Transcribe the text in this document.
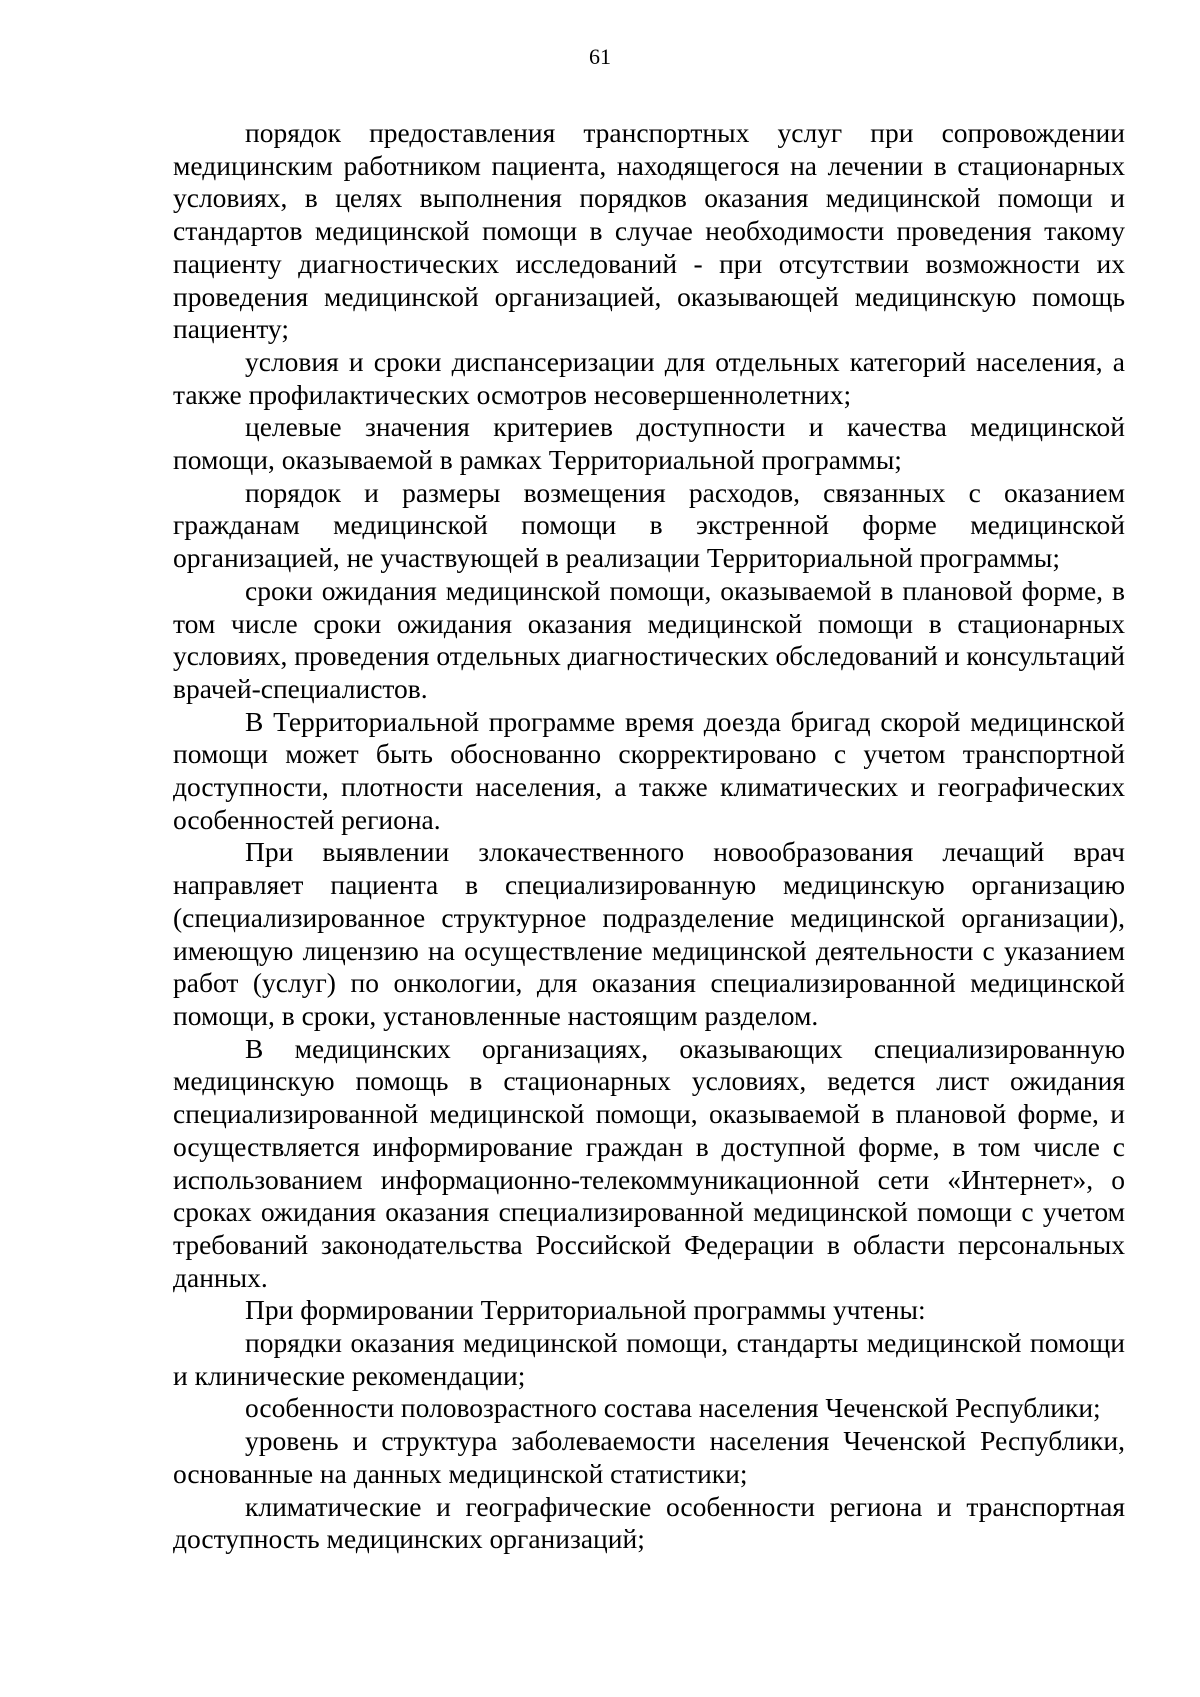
61

порядок предоставления транспортных услуг при сопровождении медицинским работником пациента, находящегося на лечении в стационарных условиях, в целях выполнения порядков оказания медицинской помощи и стандартов медицинской помощи в случае необходимости проведения такому пациенту диагностических исследований - при отсутствии возможности их проведения медицинской организацией, оказывающей медицинскую помощь пациенту;

условия и сроки диспансеризации для отдельных категорий населения, а также профилактических осмотров несовершеннолетних;

целевые значения критериев доступности и качества медицинской помощи, оказываемой в рамках Территориальной программы;

порядок и размеры возмещения расходов, связанных с оказанием гражданам медицинской помощи в экстренной форме медицинской организацией, не участвующей в реализации Территориальной программы;

сроки ожидания медицинской помощи, оказываемой в плановой форме, в том числе сроки ожидания оказания медицинской помощи в стационарных условиях, проведения отдельных диагностических обследований и консультаций врачей-специалистов.

В Территориальной программе время доезда бригад скорой медицинской помощи может быть обоснованно скорректировано с учетом транспортной доступности, плотности населения, а также климатических и географических особенностей региона.

При выявлении злокачественного новообразования лечащий врач направляет пациента в специализированную медицинскую организацию (специализированное структурное подразделение медицинской организации), имеющую лицензию на осуществление медицинской деятельности с указанием работ (услуг) по онкологии, для оказания специализированной медицинской помощи, в сроки, установленные настоящим разделом.

В медицинских организациях, оказывающих специализированную медицинскую помощь в стационарных условиях, ведется лист ожидания специализированной медицинской помощи, оказываемой в плановой форме, и осуществляется информирование граждан в доступной форме, в том числе с использованием информационно-телекоммуникационной сети «Интернет», о сроках ожидания оказания специализированной медицинской помощи с учетом требований законодательства Российской Федерации в области персональных данных.

При формировании Территориальной программы учтены:

порядки оказания медицинской помощи, стандарты медицинской помощи и клинические рекомендации;

особенности половозрастного состава населения Чеченской Республики;

уровень и структура заболеваемости населения Чеченской Республики, основанные на данных медицинской статистики;

климатические и географические особенности региона и транспортная доступность медицинских организаций;
